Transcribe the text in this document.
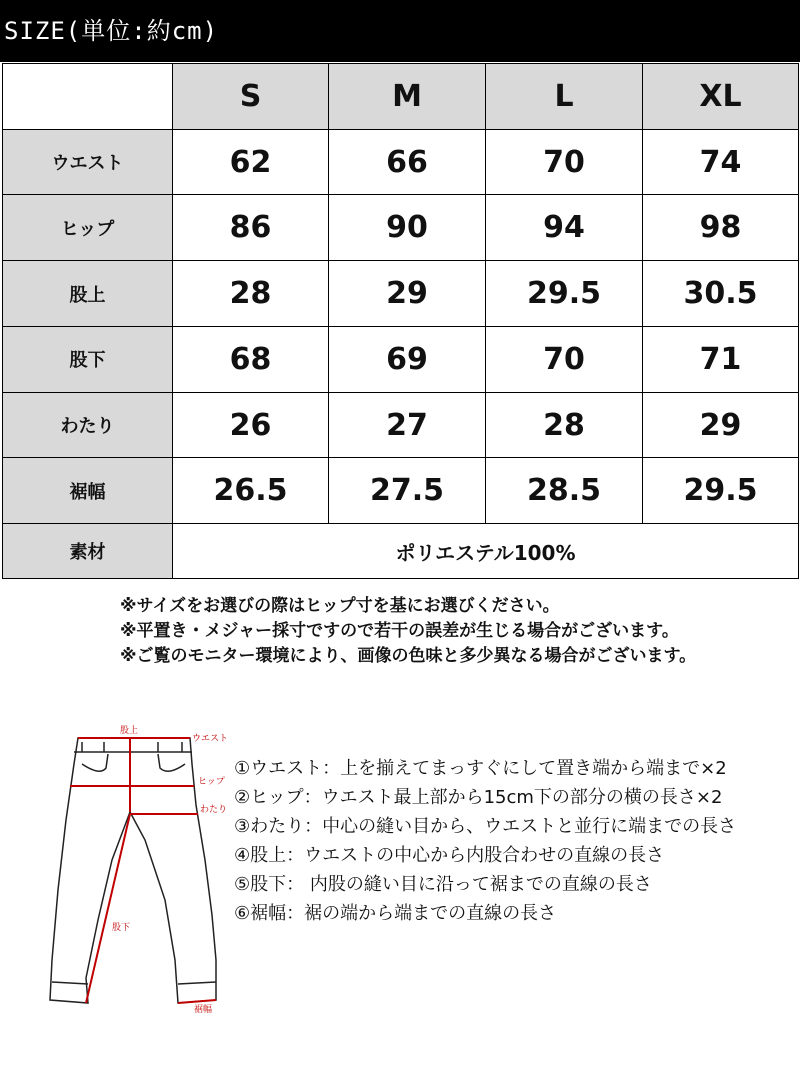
SIZE(単位:約cm)
	S	M	L	XL
ウエスト	62	66	70	74
ヒップ	86	90	94	98
股上	28	29	29.5	30.5
股下	68	69	70	71
わたり	26	27	28	29
裾幅	26.5	27.5	28.5	29.5
素材	ポリエステル100%			
※サイズをお選びの際はヒップ寸を基にお選びください。
※平置き・メジャー採寸ですので若干の誤差が生じる場合がございます。
※ご覧のモニター環境により、画像の色味と多少異なる場合がございます。
股上
ウエスト
ヒップ
わたり
股下
裾幅
①ウエスト：上を揃えてまっすぐにして置き端から端まで×2
②ヒップ：ウエスト最上部から15cm下の部分の横の長さ×2
③わたり：中心の縫い目から、ウエストと並行に端までの長さ
④股上：ウエストの中心から内股合わせの直線の長さ
⑤股下： 内股の縫い目に沿って裾までの直線の長さ
⑥裾幅：裾の端から端までの直線の長さ
